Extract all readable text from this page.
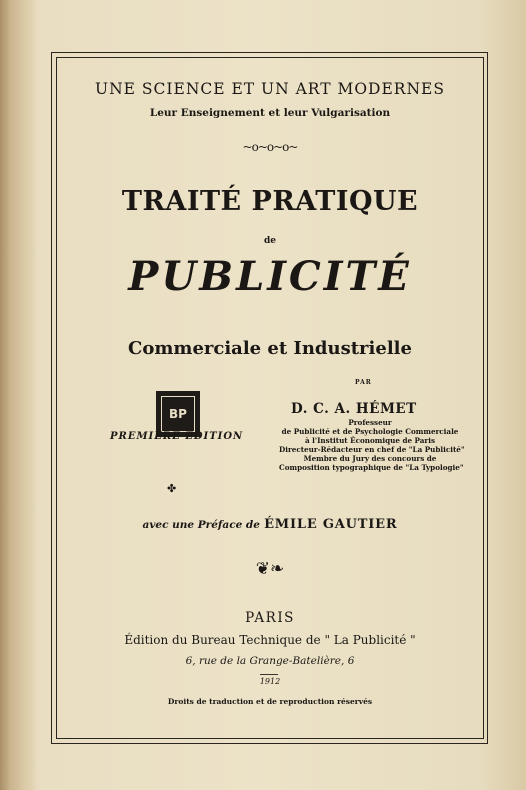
UNE SCIENCE ET UN ART MODERNES
Leur Enseignement et leur Vulgarisation
~o~o~o~
TRAITÉ PRATIQUE
de
PUBLICITÉ
Commerciale et Industrielle
PAR
BP	D. C. A. HÉMET
Professeur
de Publicité et de Psychologie Commerciale
à l'Institut Économique de Paris
Directeur-Rédacteur en chef de "La Publicité"
Membre du Jury des concours de
Composition typographique de "La Typologie"
PREMIÈRE ÉDITION
✤
avec une Préface de ÉMILE GAUTIER
❦❧
PARIS
Édition du Bureau Technique de " La Publicité "
6, rue de la Grange-Batelière, 6
1912
Droits de traduction et de reproduction réservés
